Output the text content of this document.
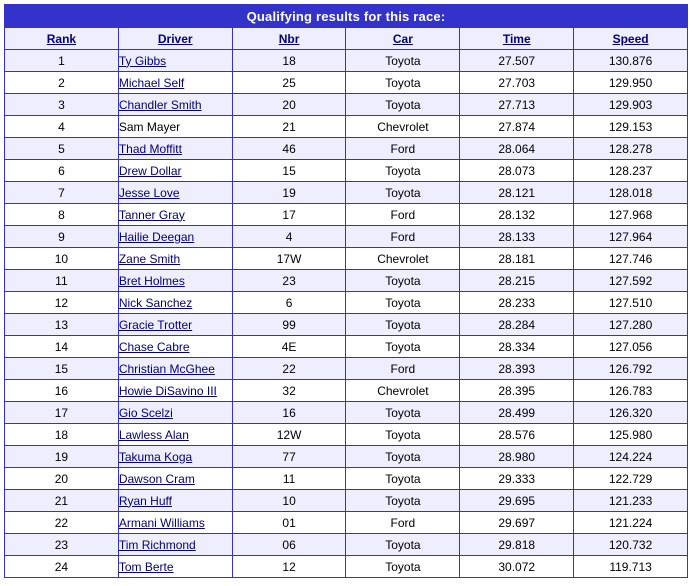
Qualifying results for this race:					
Rank	Driver	Nbr	Car	Time	Speed
1	Ty Gibbs	18	Toyota	27.507	130.876
2	Michael Self	25	Toyota	27.703	129.950
3	Chandler Smith	20	Toyota	27.713	129.903
4	Sam Mayer	21	Chevrolet	27.874	129.153
5	Thad Moffitt	46	Ford	28.064	128.278
6	Drew Dollar	15	Toyota	28.073	128.237
7	Jesse Love	19	Toyota	28.121	128.018
8	Tanner Gray	17	Ford	28.132	127.968
9	Hailie Deegan	4	Ford	28.133	127.964
10	Zane Smith	17W	Chevrolet	28.181	127.746
11	Bret Holmes	23	Toyota	28.215	127.592
12	Nick Sanchez	6	Toyota	28.233	127.510
13	Gracie Trotter	99	Toyota	28.284	127.280
14	Chase Cabre	4E	Toyota	28.334	127.056
15	Christian McGhee	22	Ford	28.393	126.792
16	Howie DiSavino III	32	Chevrolet	28.395	126.783
17	Gio Scelzi	16	Toyota	28.499	126.320
18	Lawless Alan	12W	Toyota	28.576	125.980
19	Takuma Koga	77	Toyota	28.980	124.224
20	Dawson Cram	11	Toyota	29.333	122.729
21	Ryan Huff	10	Toyota	29.695	121.233
22	Armani Williams	01	Ford	29.697	121.224
23	Tim Richmond	06	Toyota	29.818	120.732
24	Tom Berte	12	Toyota	30.072	119.713
